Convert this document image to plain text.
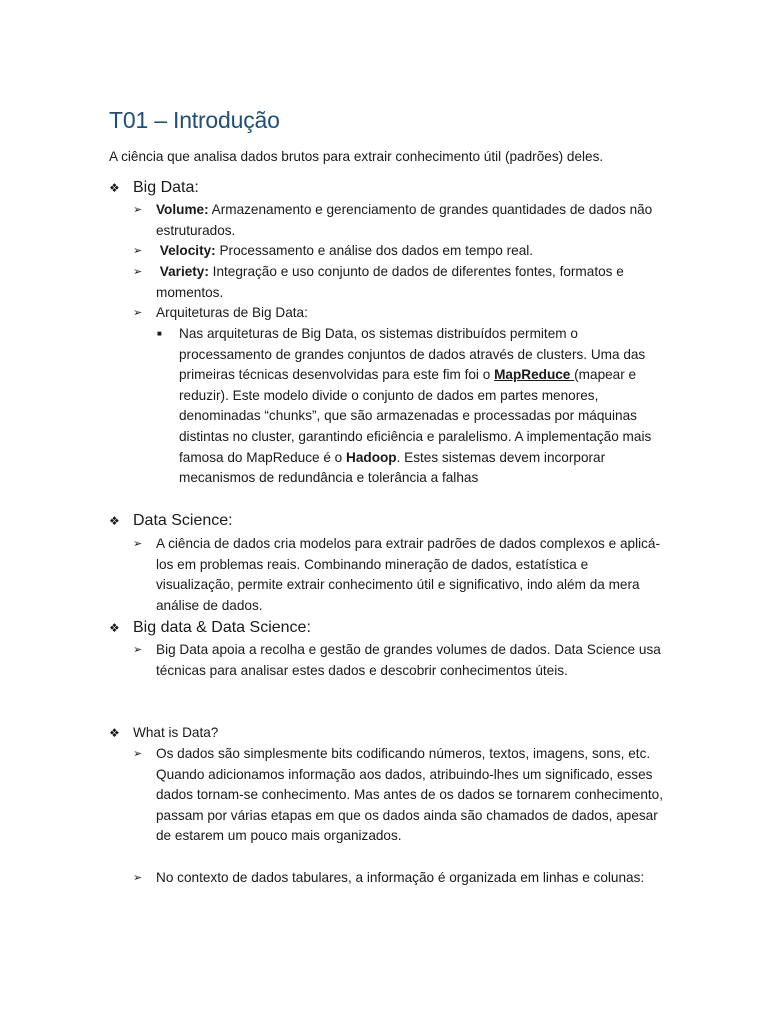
T01 – Introdução

A ciência que analisa dados brutos para extrair conhecimento útil (padrões) deles.

❖ Big Data:
➢	Volume: Armazenamento e gerenciamento de grandes quantidades de dados não estruturados.
➢	Velocity: Processamento e análise dos dados em tempo real.
➢	Variety: Integração e uso conjunto de dados de diferentes fontes, formatos e momentos.
➢	Arquiteturas de Big Data:
■	Nas arquiteturas de Big Data, os sistemas distribuídos permitem o processamento de grandes conjuntos de dados através de clusters. Uma das primeiras técnicas desenvolvidas para este fim foi o MapReduce (mapear e reduzir). Este modelo divide o conjunto de dados em partes menores, denominadas “chunks”, que são armazenadas e processadas por máquinas distintas no cluster, garantindo eficiência e paralelismo. A implementação mais famosa do MapReduce é o Hadoop. Estes sistemas devem incorporar mecanismos de redundância e tolerância a falhas
❖ Data Science:
➢	A ciência de dados cria modelos para extrair padrões de dados complexos e aplicá-los em problemas reais. Combinando mineração de dados, estatística e visualização, permite extrair conhecimento útil e significativo, indo além da mera análise de dados.
❖ Big data & Data Science:
➢	Big Data apoia a recolha e gestão de grandes volumes de dados. Data Science usa técnicas para analisar estes dados e descobrir conhecimentos úteis.
❖ What is Data?
➢	Os dados são simplesmente bits codificando números, textos, imagens, sons, etc. Quando adicionamos informação aos dados, atribuindo-lhes um significado, esses dados tornam-se conhecimento. Mas antes de os dados se tornarem conhecimento, passam por várias etapas em que os dados ainda são chamados de dados, apesar de estarem um pouco mais organizados.
➢	No contexto de dados tabulares, a informação é organizada em linhas e colunas:
